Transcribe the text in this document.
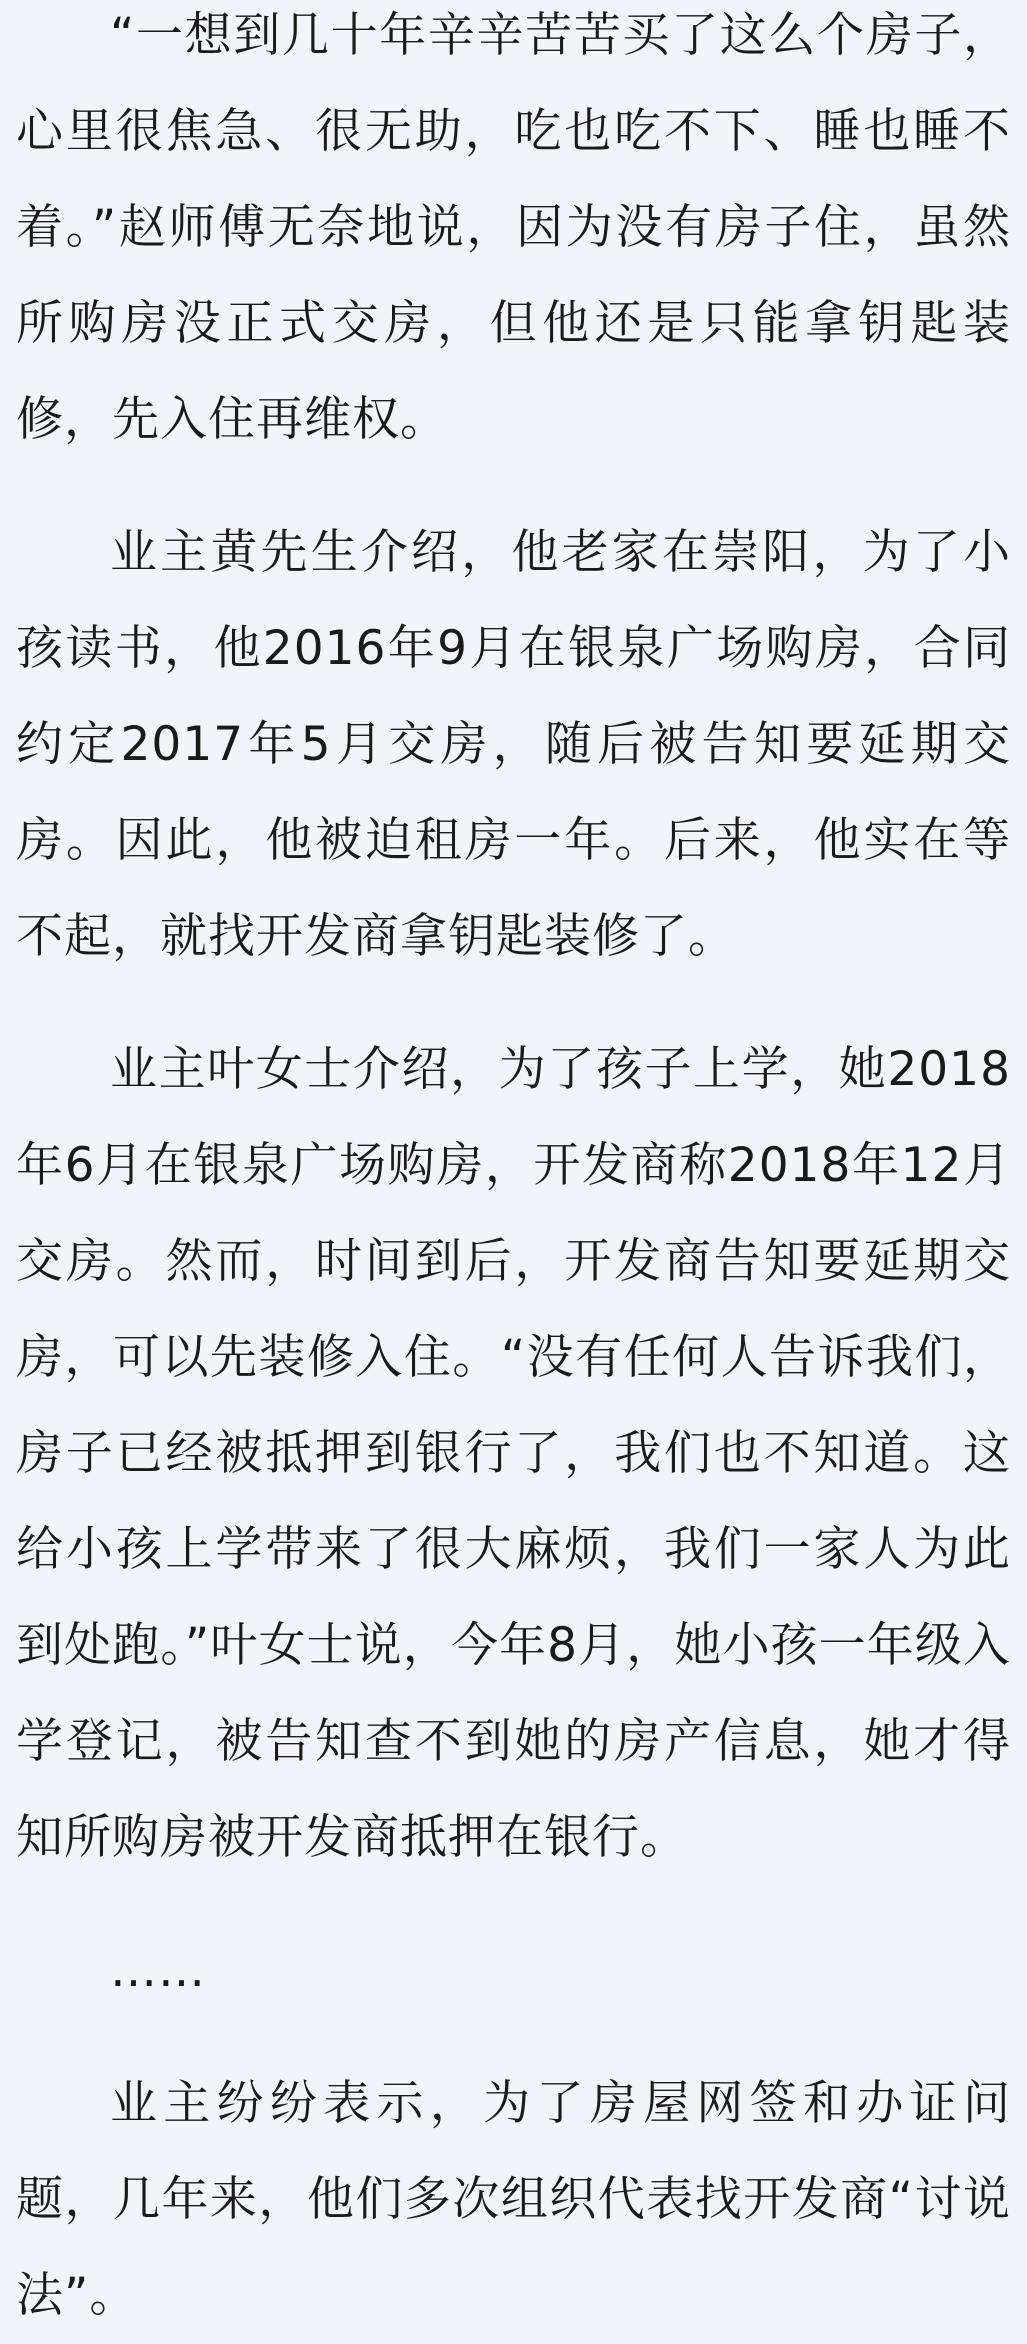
“一想到几十年辛辛苦苦买了这么个房子，心里很焦急、很无助，吃也吃不下、睡也睡不着。”赵师傅无奈地说，因为没有房子住，虽然所购房没正式交房，但他还是只能拿钥匙装修，先入住再维权。

业主黄先生介绍，他老家在崇阳，为了小孩读书，他2016年9月在银泉广场购房，合同约定2017年5月交房，随后被告知要延期交房。因此，他被迫租房一年。后来，他实在等不起，就找开发商拿钥匙装修了。

业主叶女士介绍，为了孩子上学，她2018年6月在银泉广场购房，开发商称2018年12月交房。然而，时间到后，开发商告知要延期交房，可以先装修入住。“没有任何人告诉我们，房子已经被抵押到银行了，我们也不知道。这给小孩上学带来了很大麻烦，我们一家人为此到处跑。”叶女士说，今年8月，她小孩一年级入学登记，被告知查不到她的房产信息，她才得知所购房被开发商抵押在银行。

……

业主纷纷表示，为了房屋网签和办证问题，几年来，他们多次组织代表找开发商“讨说法”。
